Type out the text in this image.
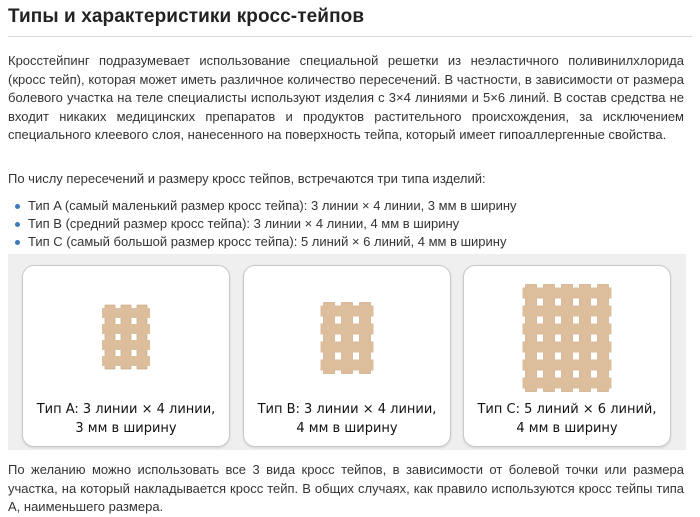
Типы и характеристики кросс-тейпов

Кросстейпинг подразумевает использование специальной решетки из неэластичного поливинилхлорида (кросс тейп), которая может иметь различное количество пересечений. В частности, в зависимости от размера болевого участка на теле специалисты используют изделия с 3×4 линиями и 5×6 линий. В состав средства не входит никаких медицинских препаратов и продуктов растительного происхождения, за исключением специального клеевого слоя, нанесенного на поверхность тейпа, который имеет гипоаллергенные свойства.

По числу пересечений и размеру кросс тейпов, встречаются три типа изделий:

Тип A (самый маленький размер кросс тейпа): 3 линии × 4 линии, 3 мм в ширину
Тип B (средний размер кросс тейпа): 3 линии × 4 линии, 4 мм в ширину
Тип C (самый большой размер кросс тейпа): 5 линий × 6 линий, 4 мм в ширину
Тип A: 3 линии × 4 линии,
3 мм в ширину
Тип B: 3 линии × 4 линии,
4 мм в ширину
Тип C: 5 линий × 6 линий,
4 мм в ширину

По желанию можно использовать все 3 вида кросс тейпов, в зависимости от болевой точки или размера участка, на который накладывается кросс тейп. В общих случаях, как правило используются кросс тейпы типа A, наименьшего размера.
